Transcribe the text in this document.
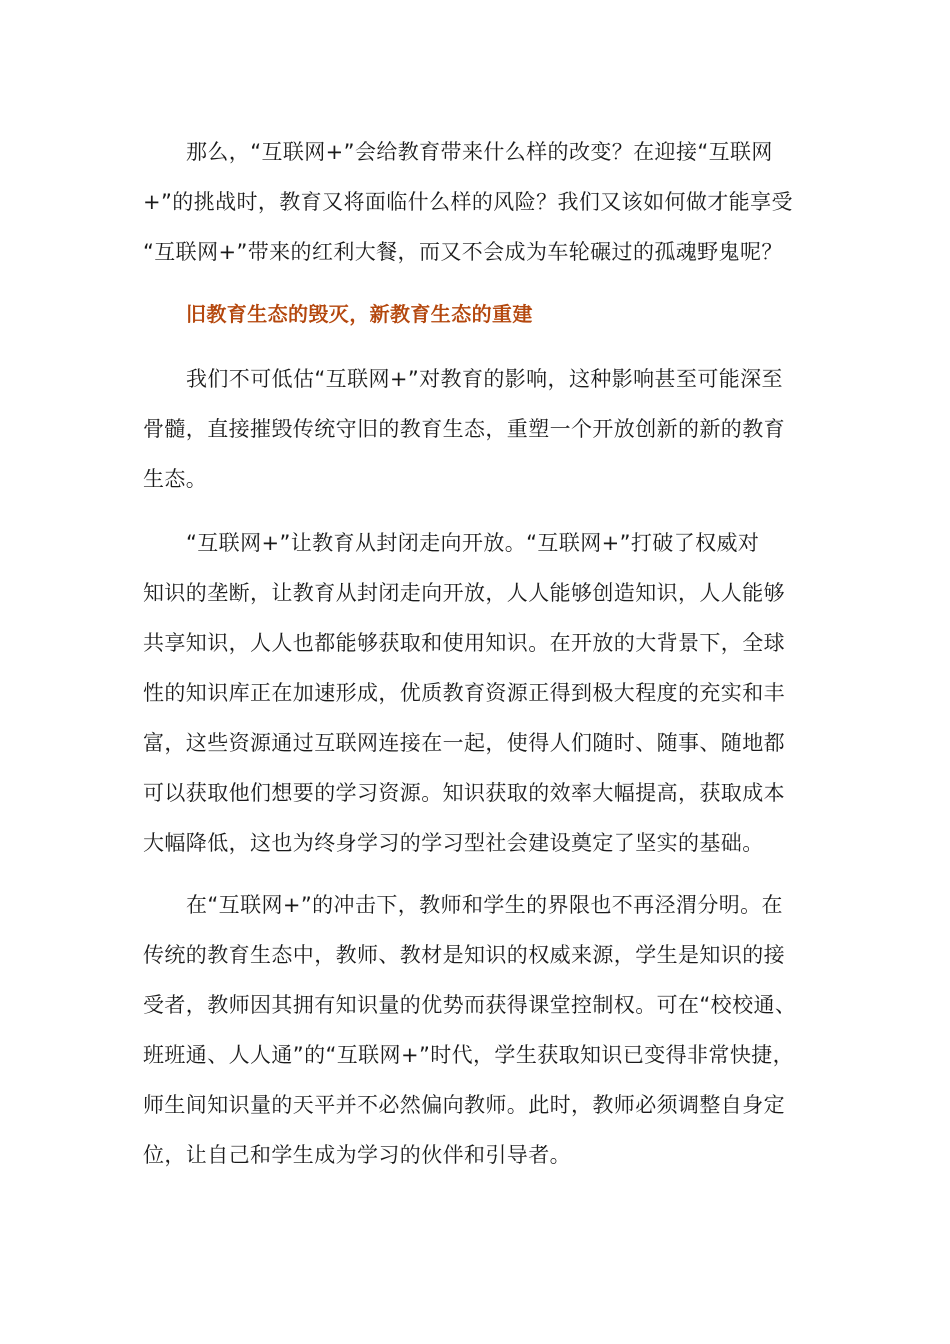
那么，“互联网+”会给教育带来什么样的改变？在迎接“互联网
+”的挑战时，教育又将面临什么样的风险？我们又该如何做才能享受
“互联网+”带来的红利大餐，而又不会成为车轮碾过的孤魂野鬼呢？
旧教育生态的毁灭，新教育生态的重建
我们不可低估“互联网+”对教育的影响，这种影响甚至可能深至
骨髓，直接摧毁传统守旧的教育生态，重塑一个开放创新的新的教育
生态。
“互联网+”让教育从封闭走向开放。“互联网+”打破了权威对
知识的垄断，让教育从封闭走向开放，人人能够创造知识，人人能够
共享知识，人人也都能够获取和使用知识。在开放的大背景下，全球
性的知识库正在加速形成，优质教育资源正得到极大程度的充实和丰
富，这些资源通过互联网连接在一起，使得人们随时、随事、随地都
可以获取他们想要的学习资源。知识获取的效率大幅提高，获取成本
大幅降低，这也为终身学习的学习型社会建设奠定了坚实的基础。
在“互联网+”的冲击下，教师和学生的界限也不再泾渭分明。在
传统的教育生态中，教师、教材是知识的权威来源，学生是知识的接
受者，教师因其拥有知识量的优势而获得课堂控制权。可在“校校通、
班班通、人人通”的“互联网+”时代，学生获取知识已变得非常快捷，
师生间知识量的天平并不必然偏向教师。此时，教师必须调整自身定
位，让自己和学生成为学习的伙伴和引导者。
